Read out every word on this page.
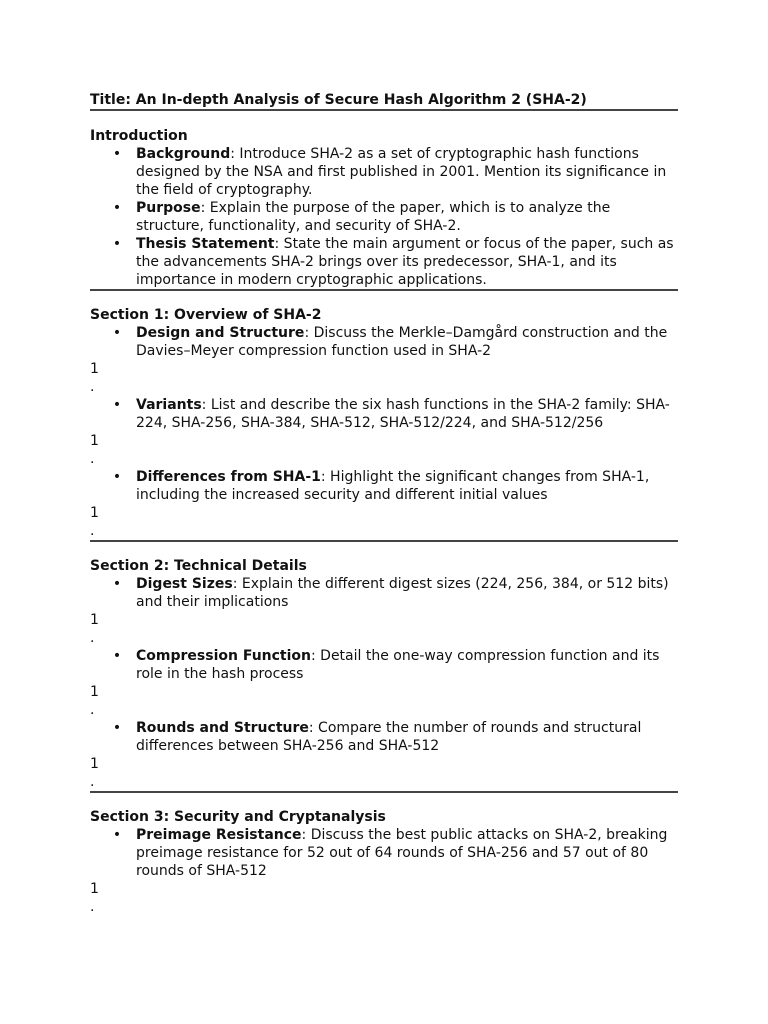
Title: An In-depth Analysis of Secure Hash Algorithm 2 (SHA-2)

Introduction

• Background: Introduce SHA-2 as a set of cryptographic hash functions designed by the NSA and first published in 2001. Mention its significance in the field of cryptography.
• Purpose: Explain the purpose of the paper, which is to analyze the structure, functionality, and security of SHA-2.
• Thesis Statement: State the main argument or focus of the paper, such as the advancements SHA-2 brings over its predecessor, SHA-1, and its importance in modern cryptographic applications.

Section 1: Overview of SHA-2

• Design and Structure: Discuss the Merkle–Damgård construction and the Davies–Meyer compression function used in SHA-2
1
.
• Variants: List and describe the six hash functions in the SHA-2 family: SHA-224, SHA-256, SHA-384, SHA-512, SHA-512/224, and SHA-512/256
1
.
• Differences from SHA-1: Highlight the significant changes from SHA-1, including the increased security and different initial values
1
.

Section 2: Technical Details

• Digest Sizes: Explain the different digest sizes (224, 256, 384, or 512 bits) and their implications
1
.
• Compression Function: Detail the one-way compression function and its role in the hash process
1
.
• Rounds and Structure: Compare the number of rounds and structural differences between SHA-256 and SHA-512
1
.

Section 3: Security and Cryptanalysis

• Preimage Resistance: Discuss the best public attacks on SHA-2, breaking preimage resistance for 52 out of 64 rounds of SHA-256 and 57 out of 80 rounds of SHA-512
1
.
